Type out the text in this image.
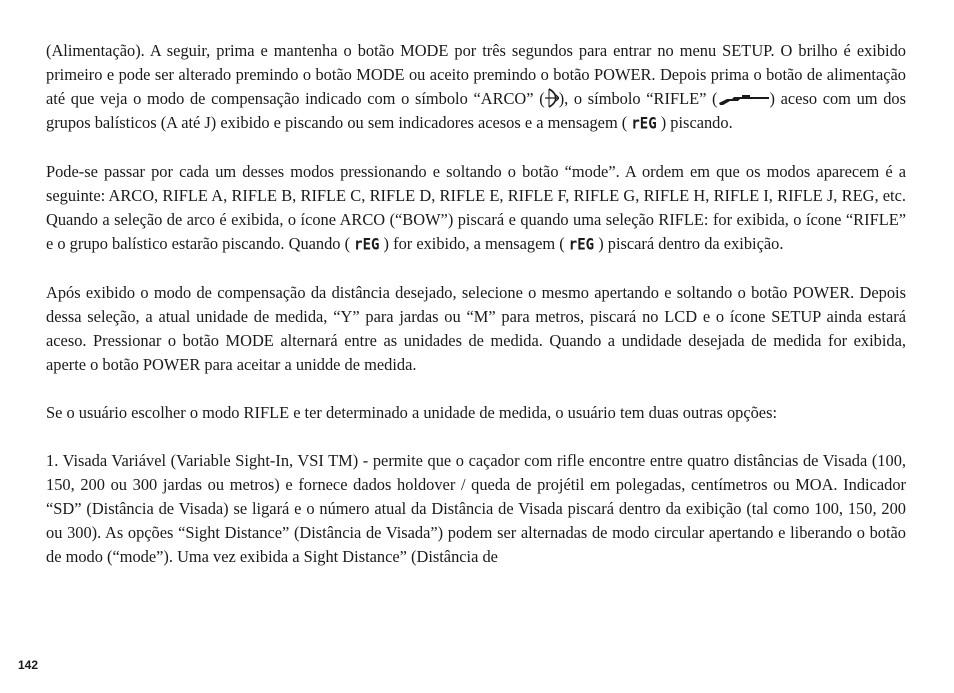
(Alimentação). A seguir, prima e mantenha o botão MODE por três segundos para entrar no menu SETUP. O brilho é exibido primeiro e pode ser alterado premindo o botão MODE ou aceito premindo o botão POWER. Depois prima o botão de alimentação até que veja o modo de compensação indicado com o símbolo “ARCO” ( ), o símbolo “RIFLE” (	) aceso com um dos grupos balísticos (A até J) exibido e piscando ou sem indicadores acesos e a mensagem ( rEG ) piscando.

Pode-se passar por cada um desses modos pressionando e soltando o botão “mode”. A ordem em que os modos aparecem é a seguinte: ARCO, RIFLE A, RIFLE B, RIFLE C, RIFLE D, RIFLE E, RIFLE F, RIFLE G, RIFLE H, RIFLE I, RIFLE J, REG, etc. Quando a seleção de arco é exibida, o ícone ARCO (“BOW”) piscará e quando uma seleção RIFLE: for exibida, o ícone “RIFLE” e o grupo balístico estarão piscando. Quando ( rEG ) for exibido, a mensagem ( rEG ) piscará dentro da exibição.

Após exibido o modo de compensação da distância desejado, selecione o mesmo apertando e soltando o botão POWER. Depois dessa seleção, a atual unidade de medida, “Y” para jardas ou “M” para metros, piscará no LCD e o ícone SETUP ainda estará aceso. Pressionar o botão MODE alternará entre as unidades de medida. Quando a undidade desejada de medida for exibida, aperte o botão POWER para aceitar a unidde de medida.

Se o usuário escolher o modo RIFLE e ter determinado a unidade de medida, o usuário tem duas outras opções:

1. Visada Variável (Variable Sight-In, VSI TM) - permite que o caçador com rifle encontre entre quatro distâncias de Visada (100, 150, 200 ou 300 jardas ou metros) e fornece dados holdover / queda de projétil em polegadas, centímetros ou MOA. Indicador “SD” (Distância de Visada) se ligará e o número atual da Distância de Visada piscará dentro da exibição (tal como 100, 150, 200 ou 300). As opções “Sight Distance” (Distância de Visada”) podem ser alternadas de modo circular apertando e liberando o botão de modo (“mode”). Uma vez exibida a Sight Distance” (Distância de

142
